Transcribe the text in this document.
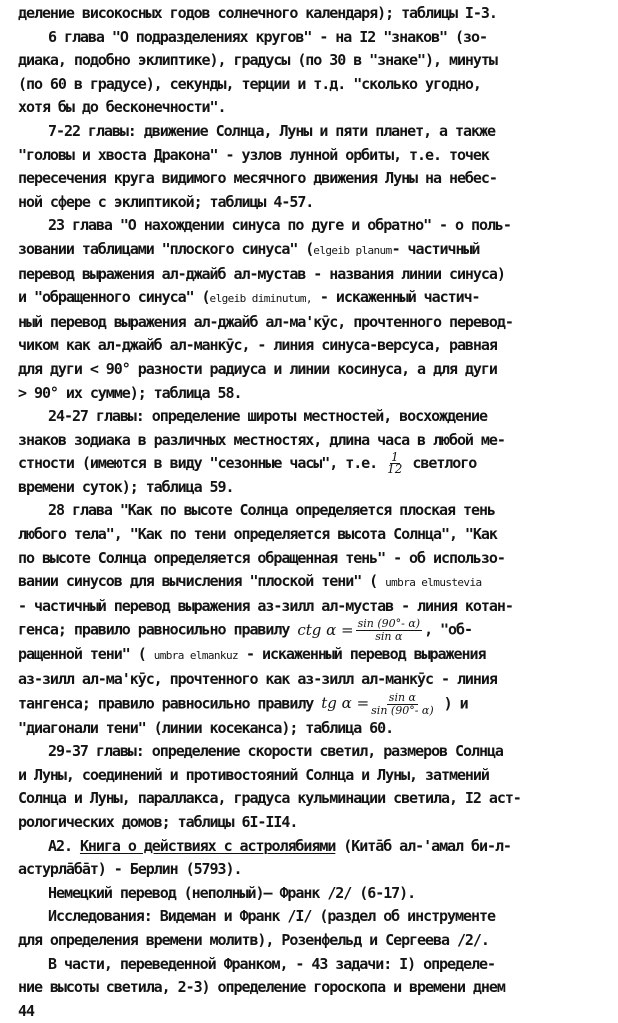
деление високосных годов солнечного календаря); таблицы I-3.
6 глава "О подразделениях кругов" - на I2 "знаков" (зо-
диака, подобно эклиптике), градусы (по 30 в "знаке"), минуты
(по 60 в градусе), секунды, терции и т.д. "сколько угодно,
хотя бы до бесконечности".
7-22 главы: движение Солнца, Луны и пяти планет, а также
"головы и хвоста Дракона" - узлов лунной орбиты, т.е. точек
пересечения круга видимого месячного движения Луны на небес-
ной сфере с эклиптикой; таблицы 4-57.
23 глава "О нахождении синуса по дуге и обратно" - о поль-
зовании таблицами "плоского синуса" (elgeib planum- частичный
перевод выражения ал-джайб ал-мустав - названия линии синуса)
и "обращенного синуса" (elgeib diminutum, - искаженный частич-
ный перевод выражения ал-джайб ал-ма'кӯс, прочтенного перевод-
чиком как ал-джайб ал-манкӯс, - линия синуса-версуса, равная
для дуги < 90° разности радиуса и линии косинуса, а для дуги
> 90° их сумме); таблица 58.
24-27 главы: определение широты местностей, восхождение
знаков зодиака в различных местностях, длина часа в любой ме-
стности (имеются в виду "сезонные часы", т.е. $\frac{1}{12}$ светлого
времени суток); таблица 59.
28 глава "Как по высоте Солнца определяется плоская тень
любого тела", "Как по тени определяется высота Солнца", "Как
по высоте Солнца определяется обращенная тень" - об использо-
вании синусов для вычисления "плоской тени" ( umbra elmustevia
- частичный перевод выражения аз-зилл ал-мустав - линия котан-
генса; правило равносильно правилу ctg $\alpha = \frac{\sin (90^\circ- \alpha)}{\text{sin α}}$ , "об-
ращенной тени" ( umbra elmankuz - искаженный перевод выражения
аз-зилл ал-ма'кӯс, прочтенного как аз-зилл ал-манкӯс - линия
тангенса; правило равносильно правилу tg $\alpha = \frac{\text{sin α}}{\sin (90^\circ- \alpha)}$ ) и
"диагонали тени" (линии косеканса); таблица 60.
29-37 главы: определение скорости светил, размеров Солнца
и Луны, соединений и противостояний Солнца и Луны, затмений
Солнца и Луны, параллакса, градуса кульминации светила, I2 аст-
рологических домов; таблицы 6I-II4.
А2. Книга о действиях с астролябиями (Кита̄б ал-'амал би-л-
астурла̄ба̄т) - Берлин (5793).
Немецкий перевод (неполный)— Франк /2/ (6-17).
Исследования: Видеман и Франк /I/ (раздел об инструменте
для определения времени молитв), Розенфельд и Сергеева /2/.
В части, переведенной Франком, - 43 задачи: I) определе-
ние высоты светила, 2-3) определение гороскопа и времени днем
44
